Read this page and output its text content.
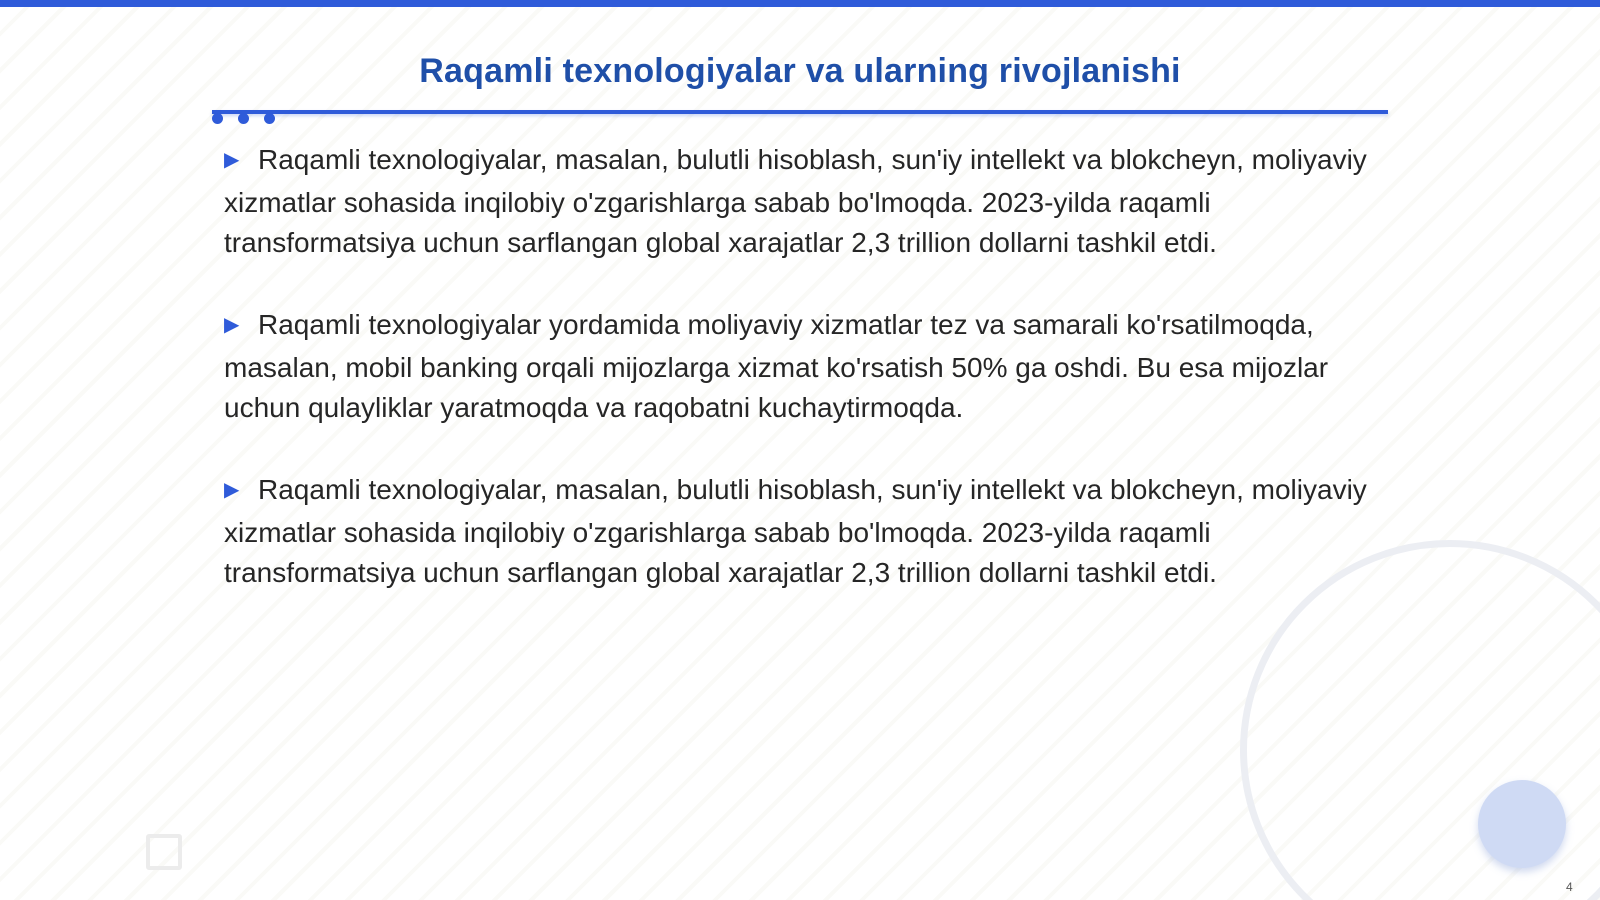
Raqamli texnologiyalar va ularning rivojlanishi
▶ Raqamli texnologiyalar, masalan, bulutli hisoblash, sun'iy intellekt va blokcheyn, moliyaviy xizmatlar sohasida inqilobiy o'zgarishlarga sabab bo'lmoqda. 2023-yilda raqamli transformatsiya uchun sarflangan global xarajatlar 2,3 trillion dollarni tashkil etdi.
▶ Raqamli texnologiyalar yordamida moliyaviy xizmatlar tez va samarali ko'rsatilmoqda, masalan, mobil banking orqali mijozlarga xizmat ko'rsatish 50% ga oshdi. Bu esa mijozlar uchun qulayliklar yaratmoqda va raqobatni kuchaytirmoqda.
▶ Raqamli texnologiyalar, masalan, bulutli hisoblash, sun'iy intellekt va blokcheyn, moliyaviy xizmatlar sohasida inqilobiy o'zgarishlarga sabab bo'lmoqda. 2023-yilda raqamli transformatsiya uchun sarflangan global xarajatlar 2,3 trillion dollarni tashkil etdi.
4
